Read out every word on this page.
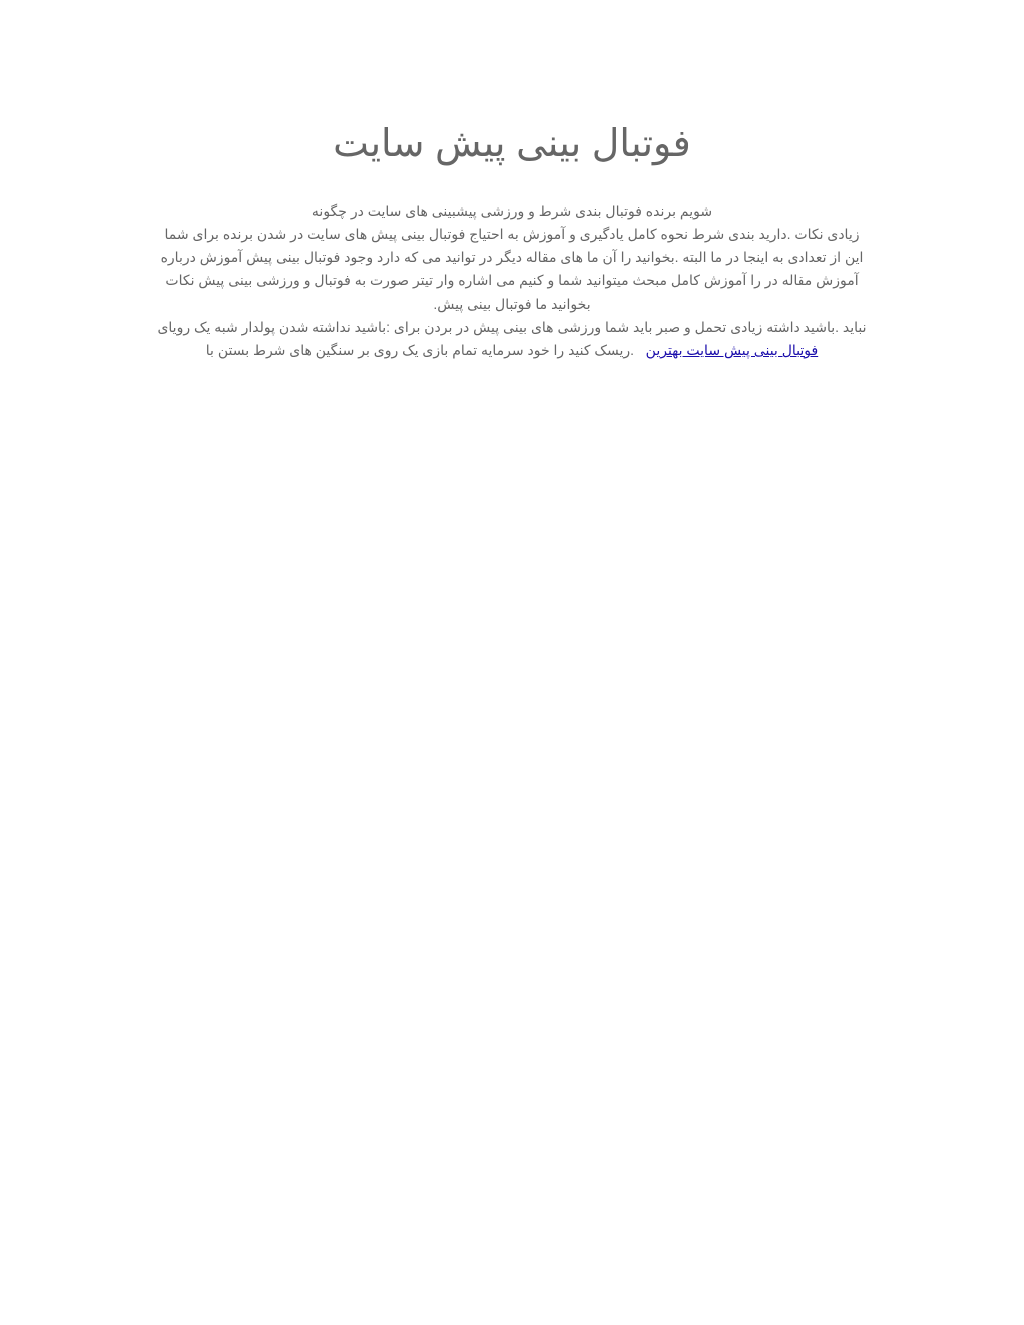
فوتبال بینی پیش سایت

شویم برنده فوتبال بندی شرط و ورزشی پیشبینی های سایت در چگونه

زیادی نکات .دارید بندی شرط نحوه کامل یادگیری و آموزش به احتیاج فوتبال بینی پیش های سایت در شدن برنده برای شما

این از تعدادی به اینجا در ما البته .بخوانید را آن ما های مقاله دیگر در توانید می که دارد وجود فوتبال بینی پیش آموزش درباره

آموزش مقاله در را آموزش کامل مبحث میتوانید شما و کنیم می اشاره وار تیتر صورت به فوتبال و ورزشی بینی پیش نکات

بخوانید ما فوتبال بینی پیش.

نباید .باشید داشته زیادی تحمل و صبر باید شما ورزشی های بینی پیش در بردن برای :باشید نداشته شدن پولدار شبه یک رویای

فوتبال بینی پیش سایت بهترین   .ریسک کنید را خود سرمایه تمام بازی یک روی بر سنگین های شرط بستن با
